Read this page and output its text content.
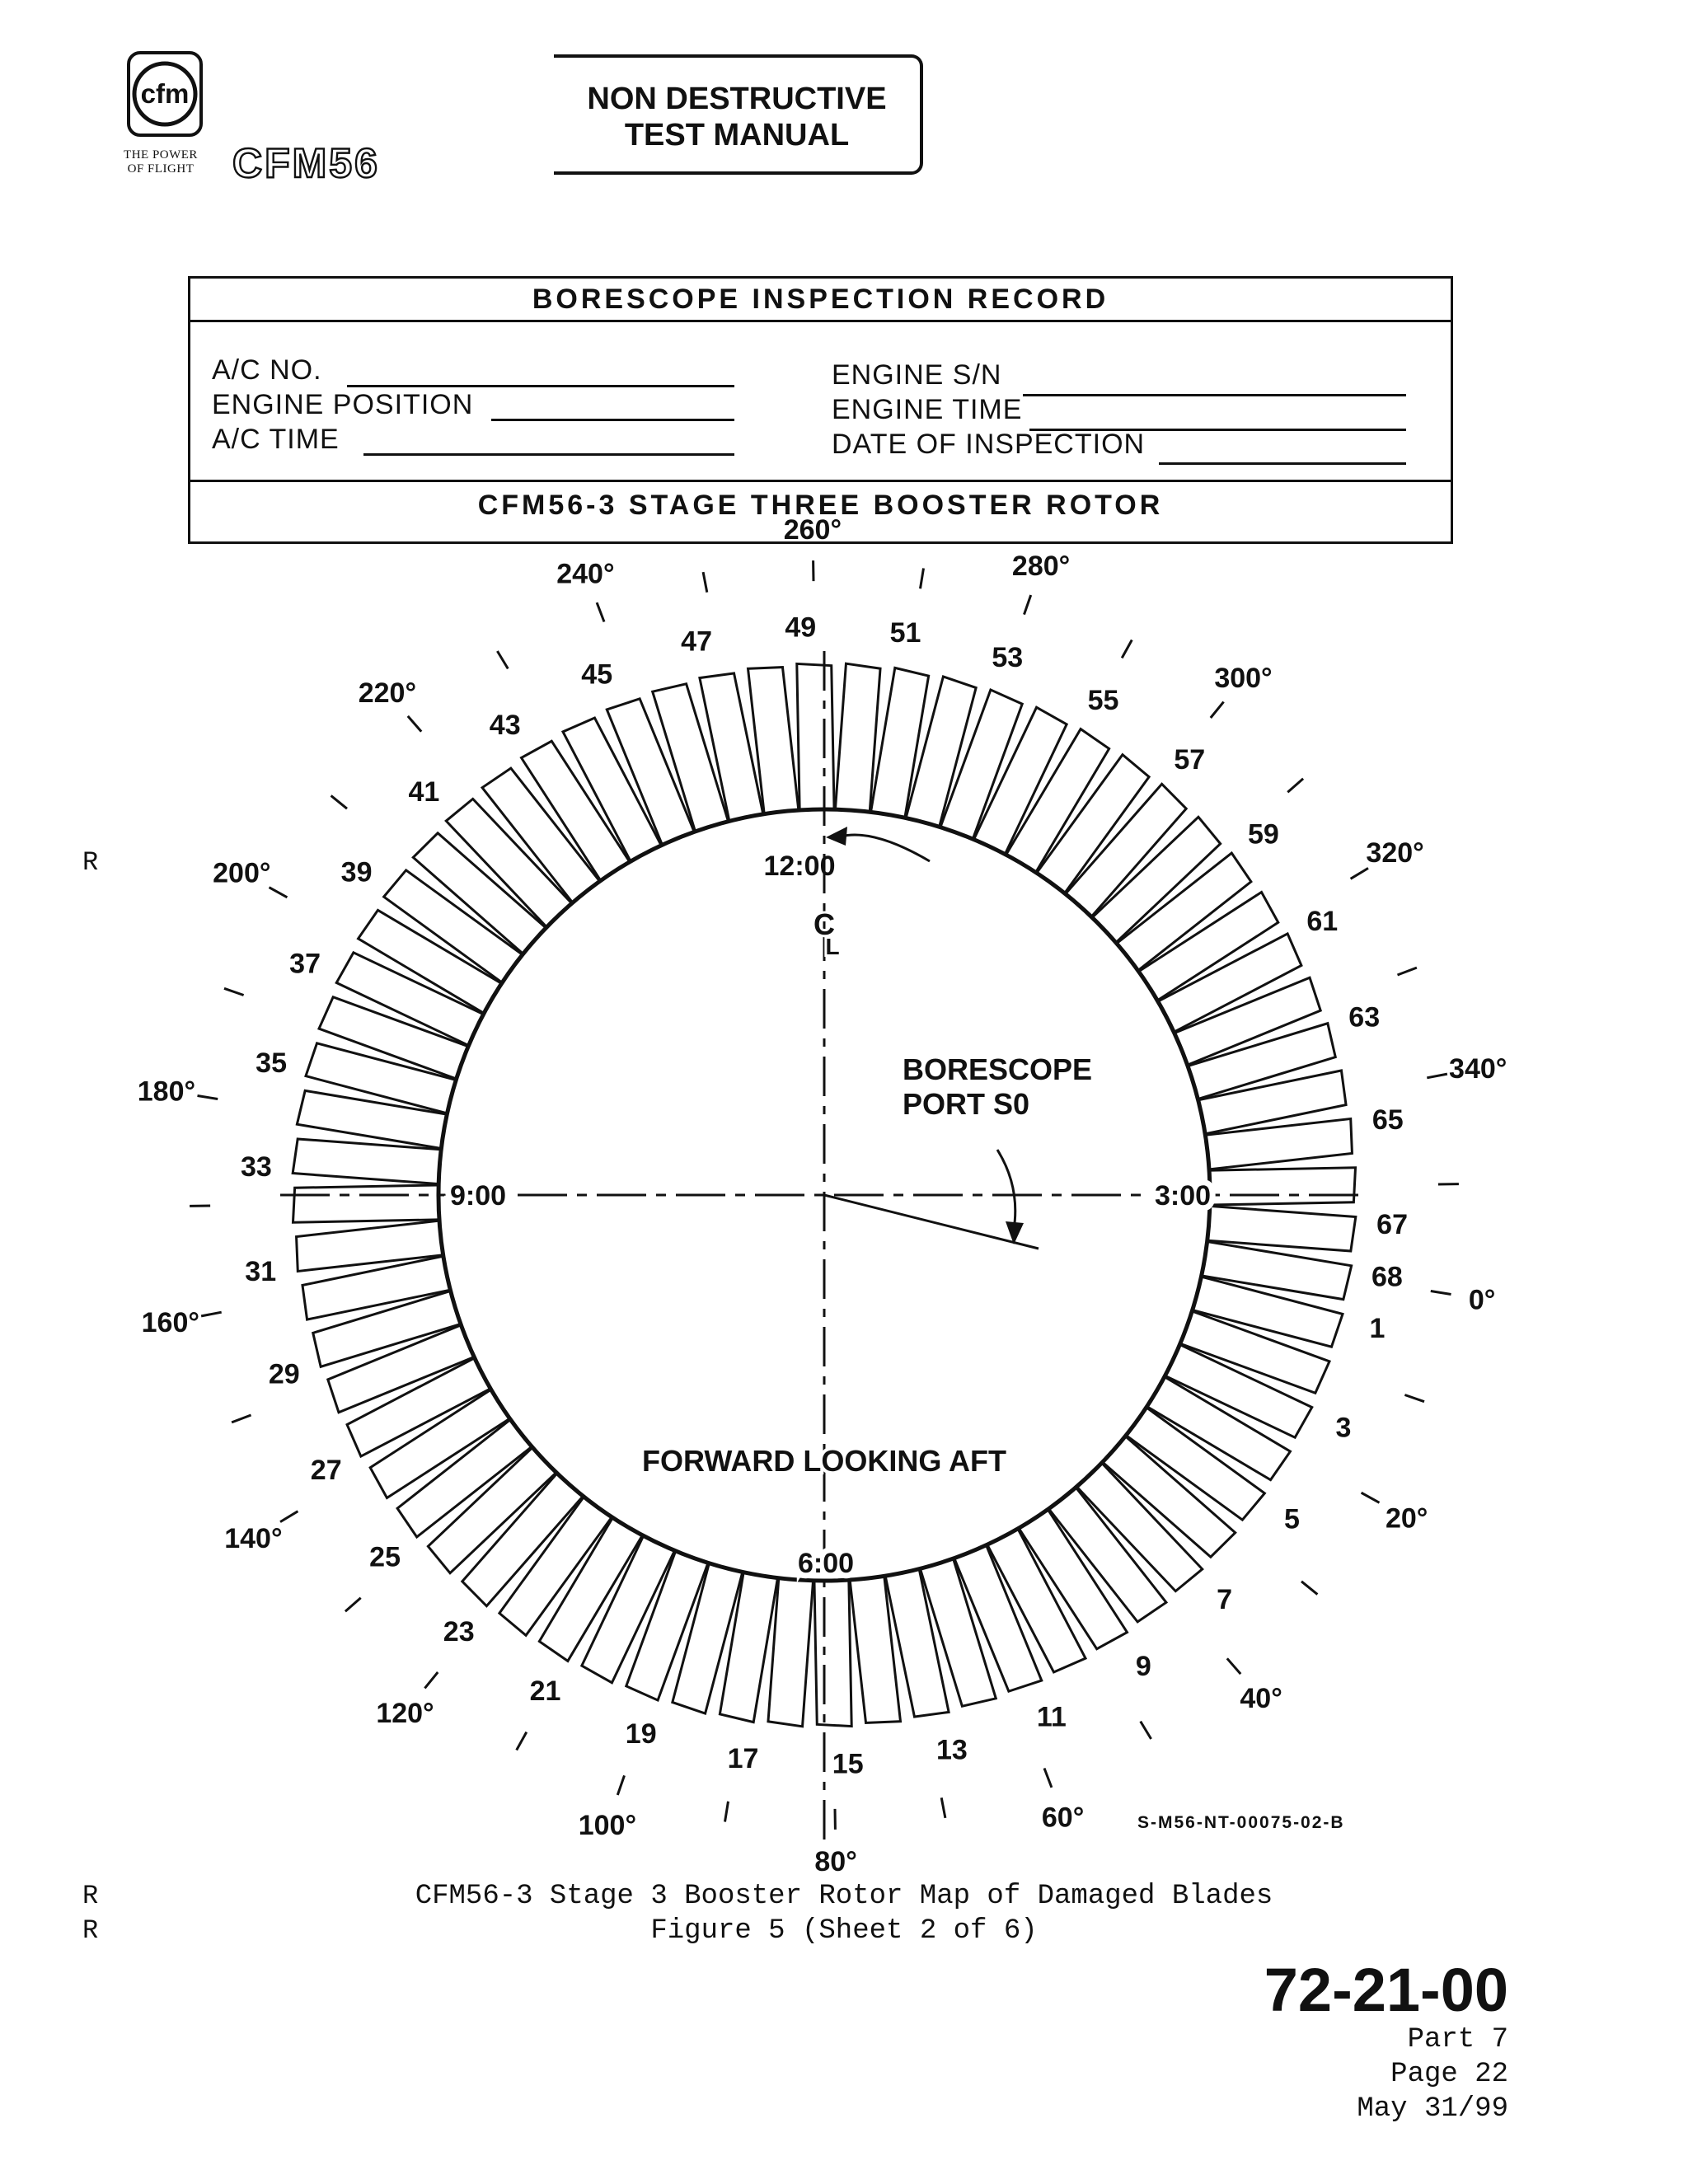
cfm
THE POWER
OF FLIGHT CFM56
NON DESTRUCTIVE
TEST MANUAL
BORESCOPE INSPECTION RECORD
A/C NO.
ENGINE POSITION
A/C TIME
ENGINE S/N
ENGINE TIME
DATE OF INSPECTION
CFM56-3 STAGE THREE BOOSTER ROTOR
12:00
3:00
6:00
9:00
C
L
BORESCOPE
PORT S0
FORWARD LOOKING AFT
1
3
5
7
9
11
13
15
17
19
21
23
25
27
29
31
33
35
37
39
41
43
45
47	49	51
53
55
57
59
61
63
65
67
68
0°
20°
40°
60°
80°
100°
120°
140°
160°
180°
200°
220°
240°
260°
280°
300°
320°
340°
R
R
R
S-M56-NT-00075-02-B
CFM56-3 Stage 3 Booster Rotor Map of Damaged Blades
Figure 5 (Sheet 2 of 6)
72-21-00
Part 7
Page 22
May 31/99
